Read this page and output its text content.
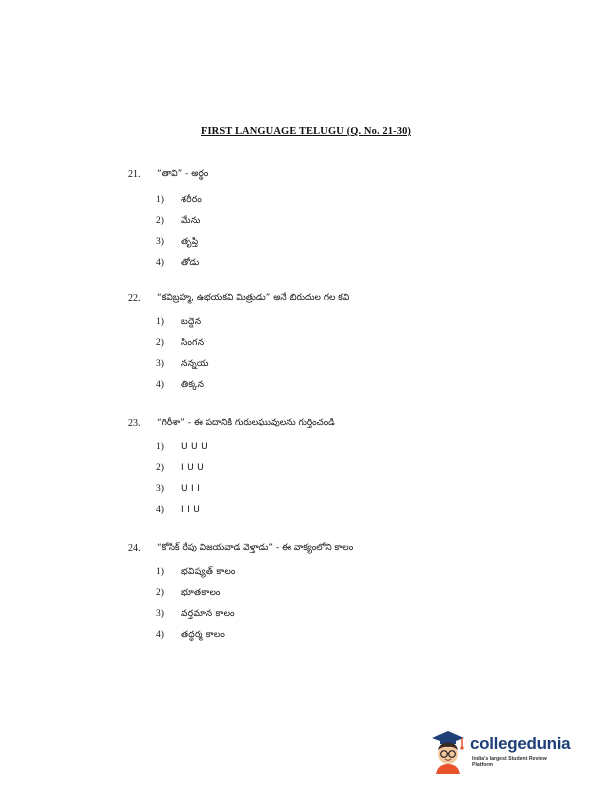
FIRST LANGUAGE TELUGU (Q. No. 21-30)
21. “తావి” - అర్థం
1) శరీరం
2) మేను
3) తృప్తి
4) తోడు
22. “కవిబ్రహ్మ, ఉభయకవి మిత్రుడు” అనే బిరుదుల గల కవి
1) బద్దెన
2) సింగన
3) నన్నయ
4) తిక్కన
23. “గిరీశా” - ఈ పదానికి గురులఘువులను గుర్తించండి
1) U U U
2) I U U
3) U I I
4) I I U
24. “కోసిక్ రేపు విజయవాడ వెళ్తాడు” - ఈ వాక్యంలోని కాలం
1) భవిష్యత్ కాలం
2) భూతకాలం
3) వర్తమాన కాలం
4) తద్ధర్మ కాలం
collegedunia
India's largest Student Review Platform
